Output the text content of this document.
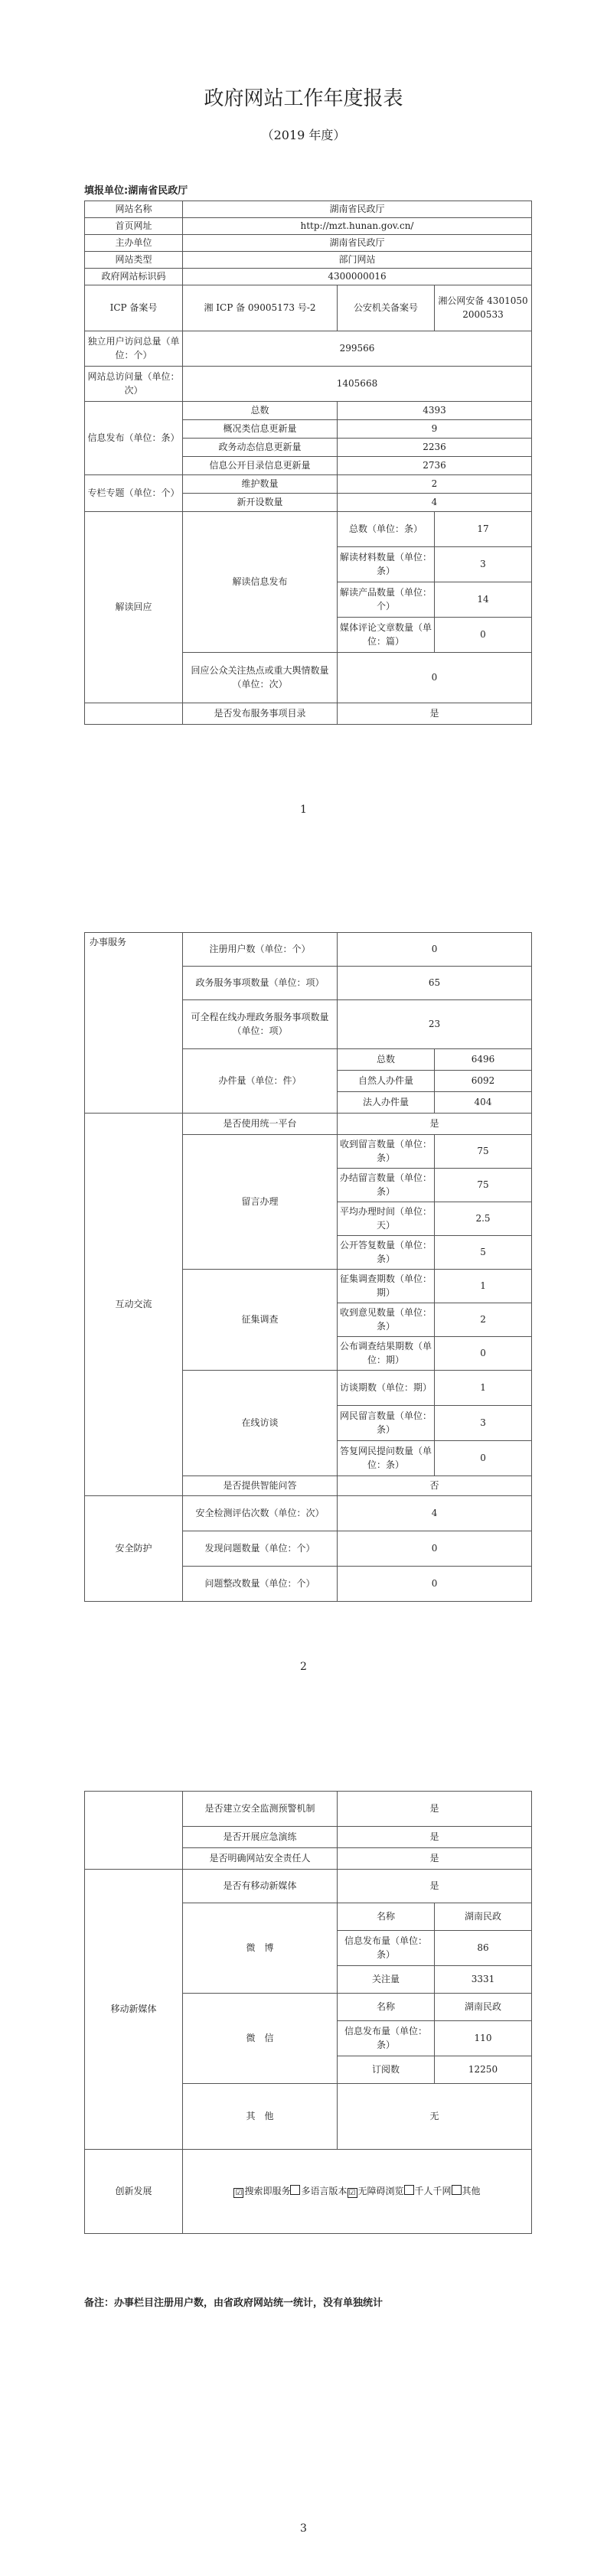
政府网站工作年度报表
（2019 年度）
填报单位:湖南省民政厅
网站名称	湖南省民政厅		
首页网址	http://mzt.hunan.gov.cn/		
主办单位	湖南省民政厅		
网站类型	部门网站		
政府网站标识码	4300000016		
ICP 备案号	湘 ICP 备 09005173 号-2	公安机关备案号	湘公网安备 43010502000533
独立用户访问总量（单位：个）	299566		
网站总访问量（单位：次）	1405668		
信息发布（单位：条）	总数	4393	
	概况类信息更新量	9	
	政务动态信息更新量	2236	
	信息公开目录信息更新量	2736	
专栏专题（单位：个）	维护数量	2	
	新开设数量	4	
解读回应	解读信息发布	总数（单位：条）	17
		解读材料数量（单位：条）	3
		解读产品数量（单位：个）	14
		媒体评论文章数量（单位：篇）	0
	回应公众关注热点或重大舆情数量（单位：次）	0	
	是否发布服务事项目录	是	
1
办事服务	注册用户数（单位：个）	0	
	政务服务事项数量（单位：项）	65	
	可全程在线办理政务服务事项数量（单位：项）	23	
	办件量（单位：件）	总数	6496
		自然人办件量	6092
		法人办件量	404
互动交流	是否使用统一平台	是	
	留言办理	收到留言数量（单位：条）	75
		办结留言数量（单位：条）	75
		平均办理时间（单位：天）	2.5
		公开答复数量（单位：条）	5
	征集调查	征集调查期数（单位：期）	1
		收到意见数量（单位：条）	2
		公布调查结果期数（单位：期）	0
	在线访谈	访谈期数（单位：期）	1
		网民留言数量（单位：条）	3
		答复网民提问数量（单位：条）	0
	是否提供智能问答	否	
安全防护	安全检测评估次数（单位：次）	4	
	发现问题数量（单位：个）	0	
	问题整改数量（单位：个）	0	
2
	是否建立安全监测预警机制	是	
	是否开展应急演练	是	
	是否明确网站安全责任人	是	
移动新媒体	是否有移动新媒体	是	
	微　博	名称	湖南民政
		信息发布量（单位：条）	86
		关注量	3331
	微　信	名称	湖南民政
		信息发布量（单位：条）	110
		订阅数	12250
	其　他	无	
创新发展	☑ 搜索即服务 多语言版本 ☑ 无障碍浏览 千人千网 其他		
备注：办事栏目注册用户数，由省政府网站统一统计，没有单独统计
3
